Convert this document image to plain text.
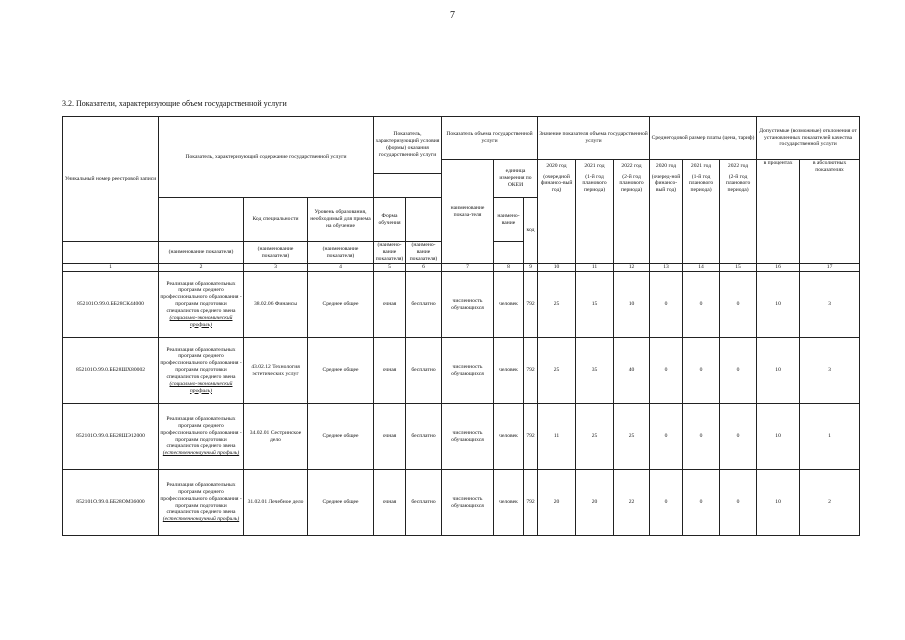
7
3.2. Показатели, характеризующие объем государственной услуги
Уникальный номер реестровой записи	Показатель, характеризующий содержание государственной услуги			Показатель, характеризующий условия (формы) оказания государственной услуги		Показатель объема государственной услуги			Значение показателя объема государственной услуги			Среднегодовой размер платы (цена, тариф)			Допустимые (возможные) отклонения от установленных показателей качества государственной услуги	
						наименование показа-теля	единица измерения по ОКЕИ		2020 год	2021 год	2022 год	2020 год	2021 год	2022 год	в процентах	в абсолютных показателях
									(очередной финансо-вый год)	(1-й год планового периода)	(2-й год планового периода)	(очеред-ной финансо-вый год)	(1-й год планового периода)	(2-й год планового периода)		
		Код специальности	Уровень образования, необходимый для приема на обучение	Форма обучения			наимено-вание	код								
	(наименование показателя)	(наименование показателя)	(наименование показателя)	(наимено-вание показателя)	(наимено-вание показателя)											
1	2	3	4	5	6	7	8	9	10	11	12	13	14	15	16	17
852101О.99.0.ББ28СК44000	Реализация образовательных программ среднего профессионального образования - программ подготовки специалистов среднего звена
(социально-экономический профиль)	38.02.06 Финансы	Среднее общее	очная	бесплатно	численность обучающихся	человек	792	25	15	10	0	0	0	10	3
852101О.99.0.ББ28ШХ80002	Реализация образовательных программ среднего профессионального образования - программ подготовки специалистов среднего звена
(социально-экономический профиль)	43.02.12 Технология эстетических услуг	Среднее общее	очная	бесплатно	численность обучающихся	человек	792	25	35	40	0	0	0	10	3
852101О.99.0.ББ28ШЭ12000	Реализация образовательных программ среднего профессионального образования - программ подготовки специалистов среднего звена
(естественнонаучный профиль)	34.02.01 Сестринское дело	Среднее общее	очная	бесплатно	численность обучающихся	человек	792	11	25	25	0	0	0	10	1
852101О.99.0.ББ28ОМ36000	Реализация образовательных программ среднего профессионального образования - программ подготовки специалистов среднего звена
(естественнонаучный профиль)	31.02.01 Лечебное дело	Среднее общее	очная	бесплатно	численность обучающихся	человек	792	20	20	22	0	0	0	10	2
